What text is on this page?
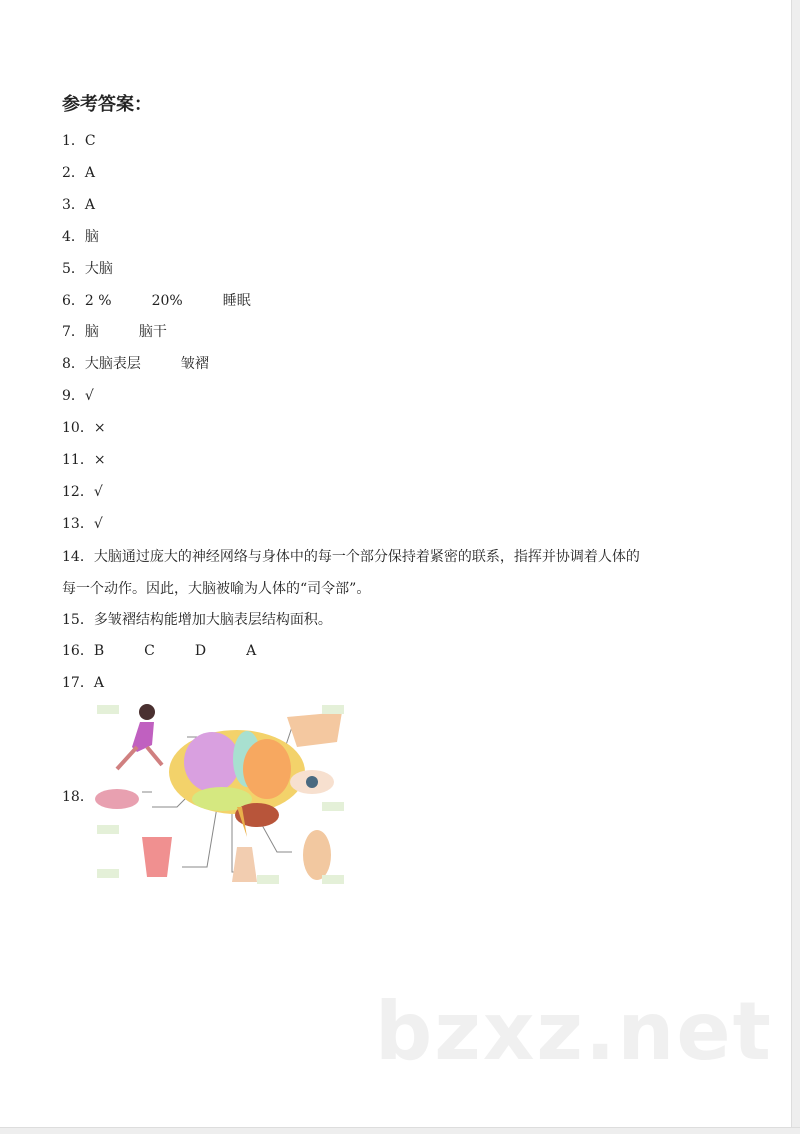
参考答案：
1．C
2．A
3．A
4．脑
5．大脑
6．2 %	20%	睡眠
7．脑	脑干
8．大脑表层	皱褶
9．√
10．×
11．×
12．√
13．√
14．大脑通过庞大的神经网络与身体中的每一个部分保持着紧密的联系，指挥并协调着人体的
每一个动作。因此，大脑被喻为人体的“司令部”。
15．多皱褶结构能增加大脑表层结构面积。
16．B	C	D	A
17．A
18．
bzxz.net
